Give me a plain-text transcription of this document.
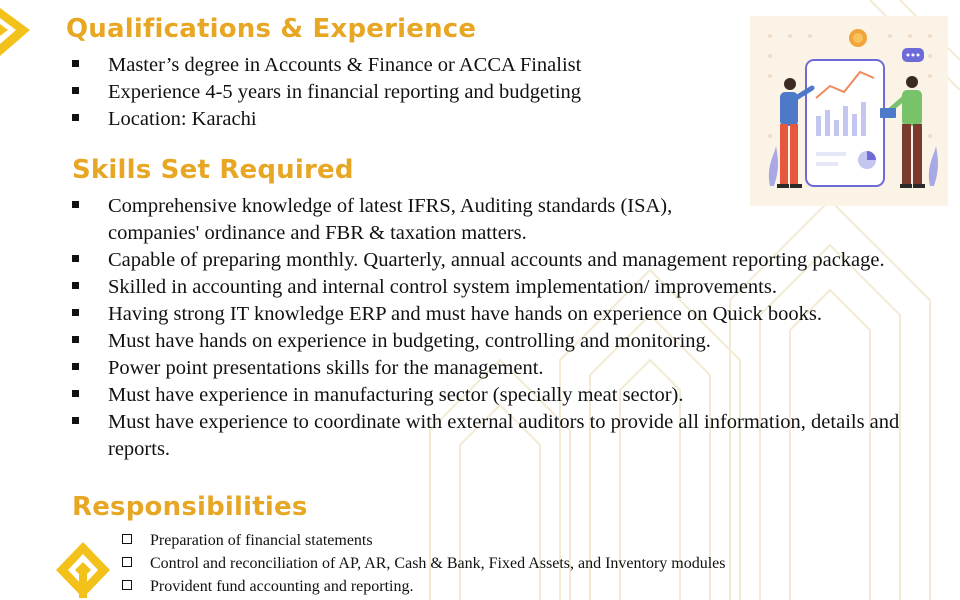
Qualifications & Experience
Master’s degree in Accounts & Finance or ACCA Finalist
Experience 4-5 years in financial reporting and budgeting
Location: Karachi
Skills Set Required
Comprehensive knowledge of latest IFRS, Auditing standards (ISA), companies' ordinance and FBR & taxation matters.
Capable of preparing monthly. Quarterly, annual accounts and management reporting package.
Skilled in accounting and internal control system implementation/ improvements.
Having strong IT knowledge ERP and must have hands on experience on Quick books.
Must have hands on experience in budgeting, controlling and monitoring.
Power point presentations skills for the management.
Must have experience in manufacturing sector (specially meat sector).
Must have experience to coordinate with external auditors to provide all information, details and reports.
Responsibilities
Preparation of financial statements
Control and reconciliation of AP, AR, Cash & Bank, Fixed Assets, and Inventory modules
Provident fund accounting and reporting.
